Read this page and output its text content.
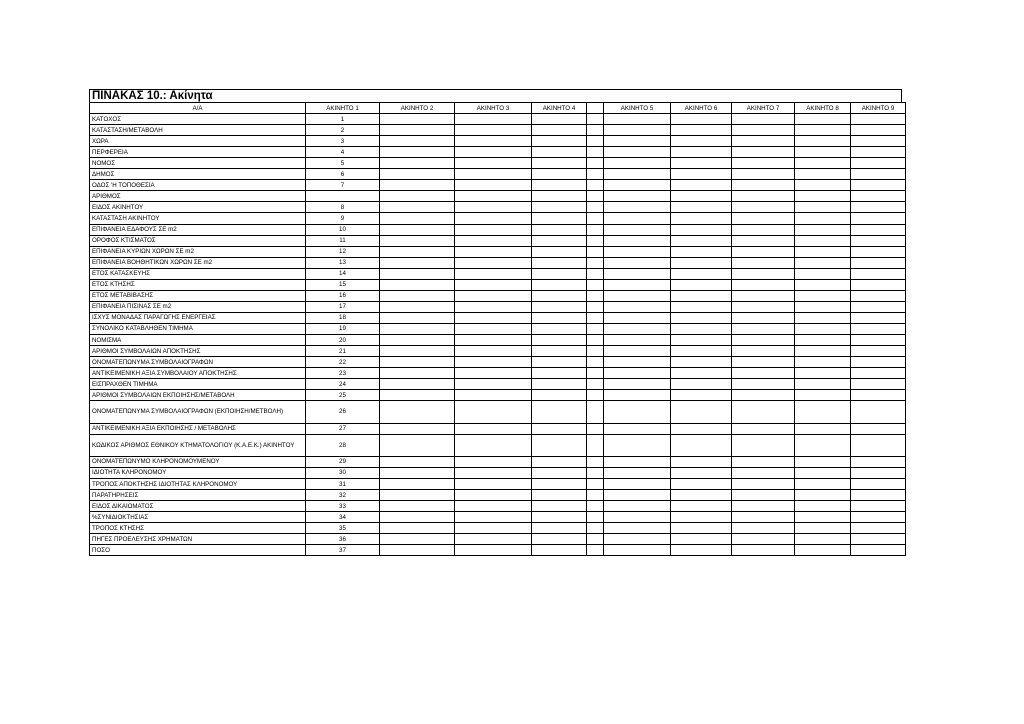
ΠΙΝΑΚΑΣ 10.: Ακίνητα
Α/Α	ΑΚΙΝΗΤΟ 1	ΑΚΙΝΗΤΟ 2	ΑΚΙΝΗΤΟ 3	ΑΚΙΝΗΤΟ 4		ΑΚΙΝΗΤΟ 5	ΑΚΙΝΗΤΟ 6	ΑΚΙΝΗΤΟ 7	ΑΚΙΝΗΤΟ 8	ΑΚΙΝΗΤΟ 9
ΚΑΤΟΧΟΣ	1									
ΚΑΤΑΣΤΑΣΗ/ΜΕΤΑΒΟΛΗ	2									
ΧΩΡΑ	3									
ΠΕΡΦΕΡΕΙΑ	4									
ΝΟΜΟΣ	5									
ΔΗΜΟΣ	6									
ΟΔΟΣ 'Η ΤΟΠΟΘΕΣΙΑ	7									
ΑΡΙΘΜΟΣ										
ΕΙΔΟΣ ΑΚΙΝΗΤΟΥ	8									
ΚΑΤΑΣΤΑΣΗ ΑΚΙΝΗΤΟΥ	9									
ΕΠΙΦΑΝΕΙΑ ΕΔΑΦΟΥΣ ΣΕ m2	10									
ΟΡΟΦΟΣ ΚΤΙΣΜΑΤΟΣ	11									
ΕΠΙΦΑΝΕΙΑ ΚΥΡΙΩΝ ΧΩΡΩΝ ΣΕ m2	12									
ΕΠΙΦΑΝΕΙΑ ΒΟΗΘΗΤΙΚΩΝ ΧΩΡΩΝ ΣΕ m2	13									
ΕΤΟΣ ΚΑΤΑΣΚΕΥΗΣ	14									
ΕΤΟΣ ΚΤΗΣΗΣ	15									
ΕΤΟΣ ΜΕΤΑΒΙΒΑΣΗΣ	16									
ΕΠΙΦΑΝΕΙΑ ΠΙΣΙΝΑΣ ΣΕ m2	17									
ΙΣΧΥΣ ΜΟΝΑΔΑΣ ΠΑΡΑΓΩΓΗΣ ΕΝΕΡΓΕΙΑΣ	18									
ΣΥΝΟΛΙΚΟ ΚΑΤΑΒΛΗΘΕΝ ΤΙΜΗΜΑ	19									
ΝΟΜΙΣΜΑ	20									
ΑΡΙΘΜΟΙ ΣΥΜΒΟΛΑΙΩΝ ΑΠΟΚΤΗΣΗΣ	21									
ΟΝΟΜΑΤΕΠΩΝΥΜΑ ΣΥΜΒΟΛΑΙΟΓΡΑΦΩΝ	22									
ΑΝΤΙΚΕΙΜΕΝΙΚΗ ΑΞΙΑ ΣΥΜΒΟΛΑΙΟΥ ΑΠΟΚΤΗΣΗΣ	23									
ΕΙΣΠΡΑΧΘΕΝ ΤΙΜΗΜΑ	24									
ΑΡΙΘΜΟΙ ΣΥΜΒΟΛΑΙΩΝ ΕΚΠΟΙΗΣΗΣ/ΜΕΤΑΒΟΛΗ	25									
ΟΝΟΜΑΤΕΠΩΝΥΜΑ ΣΥΜΒΟΛΑΙΟΓΡΑΦΩΝ (ΕΚΠΟΙΗΣΗ/ΜΕΤΒΟΛΗ)	26									
ΑΝΤΙΚΕΙΜΕΝΙΚΗ ΑΞΙΑ ΕΚΠΟΙΗΣΗΣ / ΜΕΤΑΒΟΛΗΣ	27									
ΚΩΔΙΚΟΣ ΑΡΙΘΜΟΣ ΕΘΝΙΚΟΥ ΚΤΗΜΑΤΟΛΟΓΙΟΥ (Κ.Α.Ε.Κ.) ΑΚΙΝΗΤΟΥ	28									
ΟΝΟΜΑΤΕΠΩΝΥΜΟ ΚΛΗΡΟΝΟΜΟΥΜΕΝΟΥ	29									
ΙΔΙΟΤΗΤΑ ΚΛΗΡΟΝΟΜΟΥ	30									
ΤΡΟΠΟΣ ΑΠΟΚΤΗΣΗΣ ΙΔΙΟΤΗΤΑΣ ΚΛΗΡΟΝΟΜΟΥ	31									
ΠΑΡΑΤΗΡΗΣΕΙΣ	32									
ΕΙΔΟΣ ΔΙΚΑΙΩΜΑΤΟΣ	33									
%ΣΥΝΙΔΙΟΚΤΗΣΙΑΣ	34									
ΤΡΟΠΟΣ ΚΤΗΣΗΣ	35									
ΠΗΓΕΣ ΠΡΟΕΛΕΥΣΗΣ ΧΡΗΜΑΤΩΝ	36									
ΠΟΣΟ	37									
